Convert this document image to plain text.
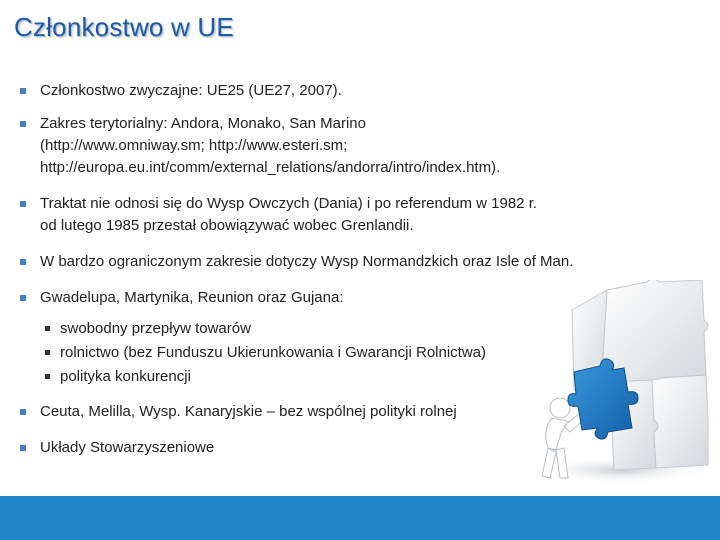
Członkostwo w UE
Członkostwo zwyczajne: UE25 (UE27, 2007).
Zakres terytorialny: Andora, Monako, San Marino
(http://www.omniway.sm; http://www.esteri.sm;
http://europa.eu.int/comm/external_relations/andorra/intro/index.htm).
Traktat nie odnosi się do Wysp Owczych (Dania) i po referendum w 1982 r.
od lutego 1985 przestał obowiązywać wobec Grenlandii.
W bardzo ograniczonym zakresie dotyczy Wysp Normandzkich oraz Isle of Man.
Gwadelupa, Martynika, Reunion oraz Gujana:
swobodny przepływ towarów
rolnictwo (bez Funduszu Ukierunkowania i Gwarancji Rolnictwa)
polityka konkurencji
Ceuta, Melilla, Wysp. Kanaryjskie – bez wspólnej polityki rolnej
Układy Stowarzyszeniowe
